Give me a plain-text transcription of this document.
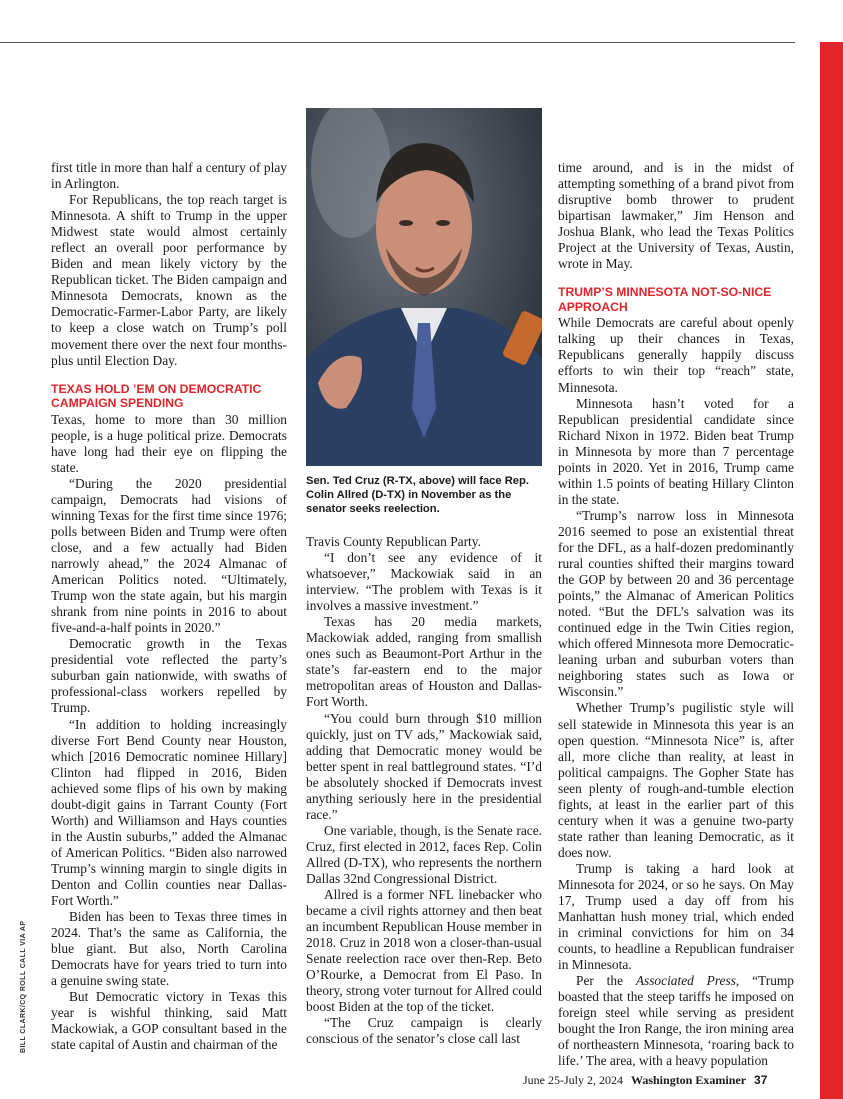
first title in more than half a century of play in Arlington.

For Republicans, the top reach target is Minnesota. A shift to Trump in the upper Midwest state would almost certainly reflect an overall poor performance by Biden and mean likely victory by the Republican ticket. The Biden campaign and Minnesota Democrats, known as the Democratic-Farmer-Labor Party, are likely to keep a close watch on Trump’s poll movement there over the next four months-plus until Election Day.

TEXAS HOLD ’EM ON DEMOCRATIC CAMPAIGN SPENDING

Texas, home to more than 30 million people, is a huge political prize. Democrats have long had their eye on flipping the state.

“During the 2020 presidential campaign, Democrats had visions of winning Texas for the first time since 1976; polls between Biden and Trump were often close, and a few actually had Biden narrowly ahead,” the 2024 Almanac of American Politics noted. “Ultimately, Trump won the state again, but his margin shrank from nine points in 2016 to about five-and-a-half points in 2020.”

Democratic growth in the Texas presidential vote reflected the party’s suburban gain nationwide, with swaths of professional-class workers repelled by Trump.

“In addition to holding increasingly diverse Fort Bend County near Houston, which [2016 Democratic nominee Hillary] Clinton had flipped in 2016, Biden achieved some flips of his own by making doubt-digit gains in Tarrant County (Fort Worth) and Williamson and Hays counties in the Austin suburbs,” added the Almanac of American Politics. “Biden also narrowed Trump’s winning margin to single digits in Denton and Collin counties near Dallas-Fort Worth.”

Biden has been to Texas three times in 2024. That’s the same as California, the blue giant. But also, North Carolina Democrats have for years tried to turn into a genuine swing state.

But Democratic victory in Texas this year is wishful thinking, said Matt Mackowiak, a GOP consultant based in the state capital of Austin and chairman of the

Sen. Ted Cruz (R-TX, above) will face Rep. Colin Allred (D-TX) in November as the senator seeks reelection.
BILL CLARK/CQ ROLL CALL VIA AP

Travis County Republican Party.

“I don’t see any evidence of it whatsoever,” Mackowiak said in an interview. “The problem with Texas is it involves a massive investment.”

Texas has 20 media markets, Mackowiak added, ranging from smallish ones such as Beaumont-Port Arthur in the state’s far-eastern end to the major metropolitan areas of Houston and Dallas-Fort Worth.

“You could burn through $10 million quickly, just on TV ads,” Mackowiak said, adding that Democratic money would be better spent in real battleground states. “I’d be absolutely shocked if Democrats invest anything seriously here in the presidential race.”

One variable, though, is the Senate race. Cruz, first elected in 2012, faces Rep. Colin Allred (D-TX), who represents the northern Dallas 32nd Congressional District.

Allred is a former NFL linebacker who became a civil rights attorney and then beat an incumbent Republican House member in 2018. Cruz in 2018 won a closer-than-usual Senate reelection race over then-Rep. Beto O’Rourke, a Democrat from El Paso. In theory, strong voter turnout for Allred could boost Biden at the top of the ticket.

“The Cruz campaign is clearly conscious of the senator’s close call last

time around, and is in the midst of attempting something of a brand pivot from disruptive bomb thrower to prudent bipartisan lawmaker,” Jim Henson and Joshua Blank, who lead the Texas Politics Project at the University of Texas, Austin, wrote in May.

TRUMP’S MINNESOTA NOT-SO-NICE APPROACH

While Democrats are careful about openly talking up their chances in Texas, Republicans generally happily discuss efforts to win their top “reach” state, Minnesota.

Minnesota hasn’t voted for a Republican presidential candidate since Richard Nixon in 1972. Biden beat Trump in Minnesota by more than 7 percentage points in 2020. Yet in 2016, Trump came within 1.5 points of beating Hillary Clinton in the state.

“Trump’s narrow loss in Minnesota 2016 seemed to pose an existential threat for the DFL, as a half-dozen predominantly rural counties shifted their margins toward the GOP by between 20 and 36 percentage points,” the Almanac of American Politics noted. “But the DFL’s salvation was its continued edge in the Twin Cities region, which offered Minnesota more Democratic-leaning urban and suburban voters than neighboring states such as Iowa or Wisconsin.”

Whether Trump’s pugilistic style will sell statewide in Minnesota this year is an open question. “Minnesota Nice” is, after all, more cliche than reality, at least in political campaigns. The Gopher State has seen plenty of rough-and-tumble election fights, at least in the earlier part of this century when it was a genuine two-party state rather than leaning Democratic, as it does now.

Trump is taking a hard look at Minnesota for 2024, or so he says. On May 17, Trump used a day off from his Manhattan hush money trial, which ended in criminal convictions for him on 34 counts, to headline a Republican fundraiser in Minnesota.

Per the Associated Press, “Trump boasted that the steep tariffs he imposed on foreign steel while serving as president bought the Iron Range, the iron mining area of northeastern Minnesota, ‘roaring back to life.’ The area, with a heavy population

June 25-July 2, 2024 Washington Examiner 37
